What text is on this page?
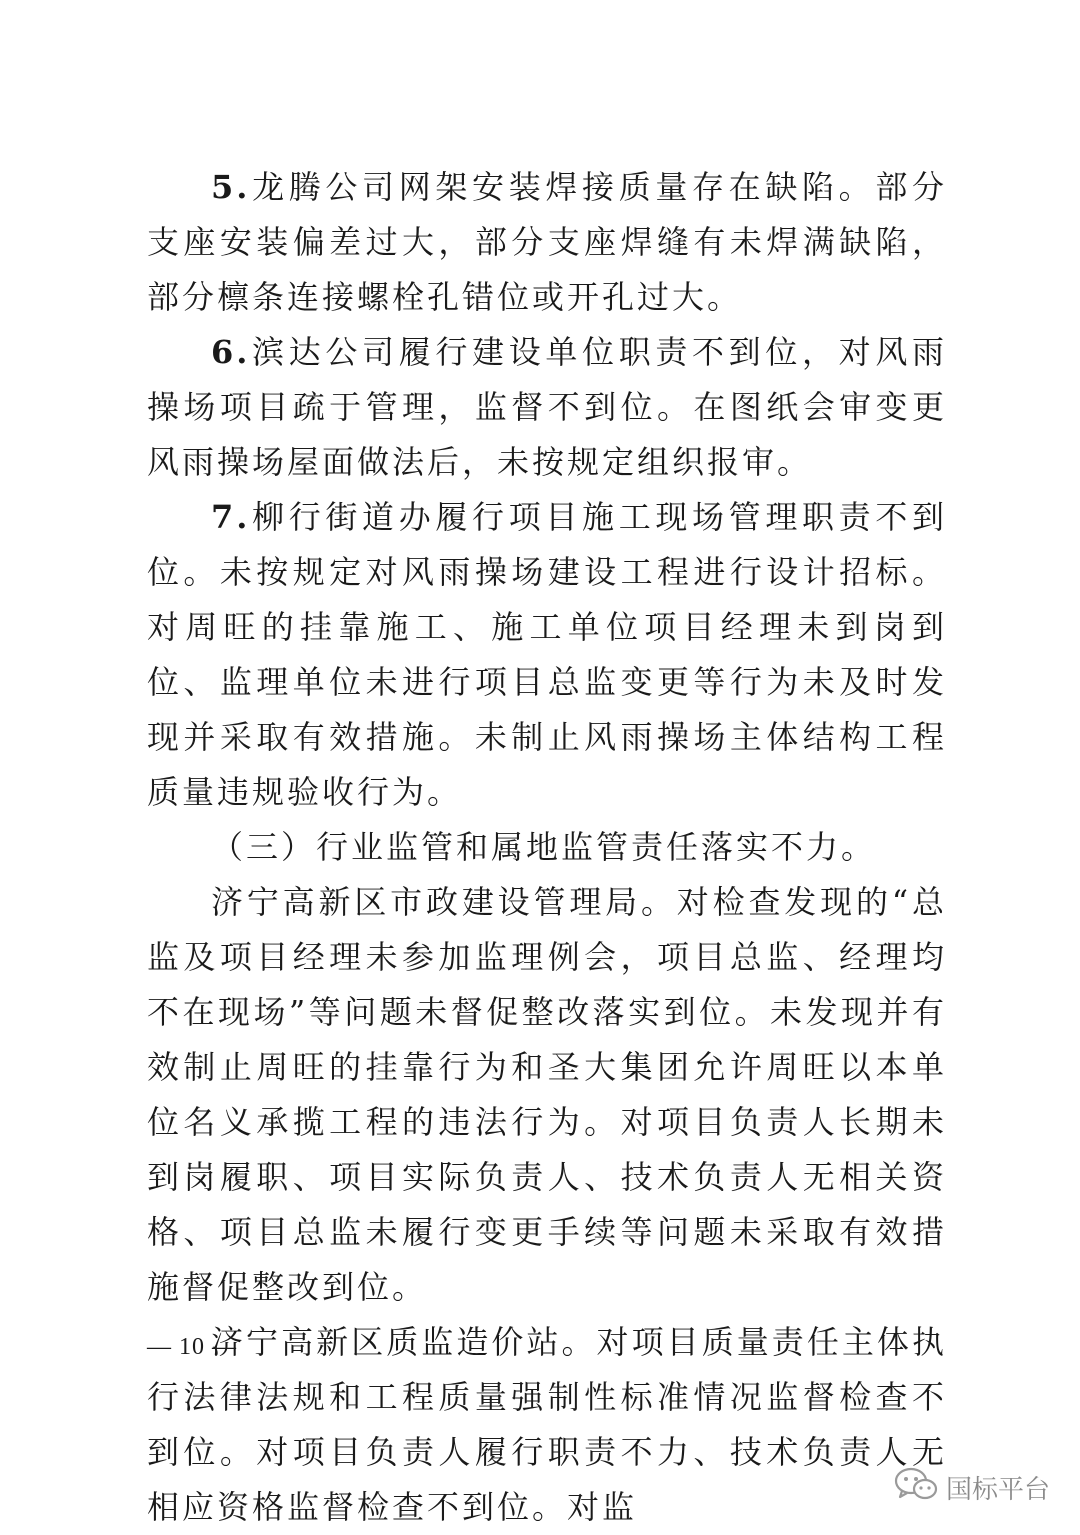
5.龙腾公司网架安装焊接质量存在缺陷。部分支座安装偏差过大，部分支座焊缝有未焊满缺陷，部分檩条连接螺栓孔错位或开孔过大。

6.滨达公司履行建设单位职责不到位，对风雨操场项目疏于管理，监督不到位。在图纸会审变更风雨操场屋面做法后，未按规定组织报审。

7.柳行街道办履行项目施工现场管理职责不到位。未按规定对风雨操场建设工程进行设计招标。对周旺的挂靠施工、施工单位项目经理未到岗到位、监理单位未进行项目总监变更等行为未及时发现并采取有效措施。未制止风雨操场主体结构工程质量违规验收行为。

（三）行业监管和属地监管责任落实不力。

济宁高新区市政建设管理局。对检查发现的“总监及项目经理未参加监理例会，项目总监、经理均不在现场”等问题未督促整改落实到位。未发现并有效制止周旺的挂靠行为和圣大集团允许周旺以本单位名义承揽工程的违法行为。对项目负责人长期未到岗履职、项目实际负责人、技术负责人无相关资格、项目总监未履行变更手续等问题未采取有效措施督促整改到位。

济宁高新区质监造价站。对项目质量责任主体执行法律法规和工程质量强制性标准情况监督检查不到位。对项目负责人履行职责不力、技术负责人无相应资格监督检查不到位。对监

— 10 —
国标平台
